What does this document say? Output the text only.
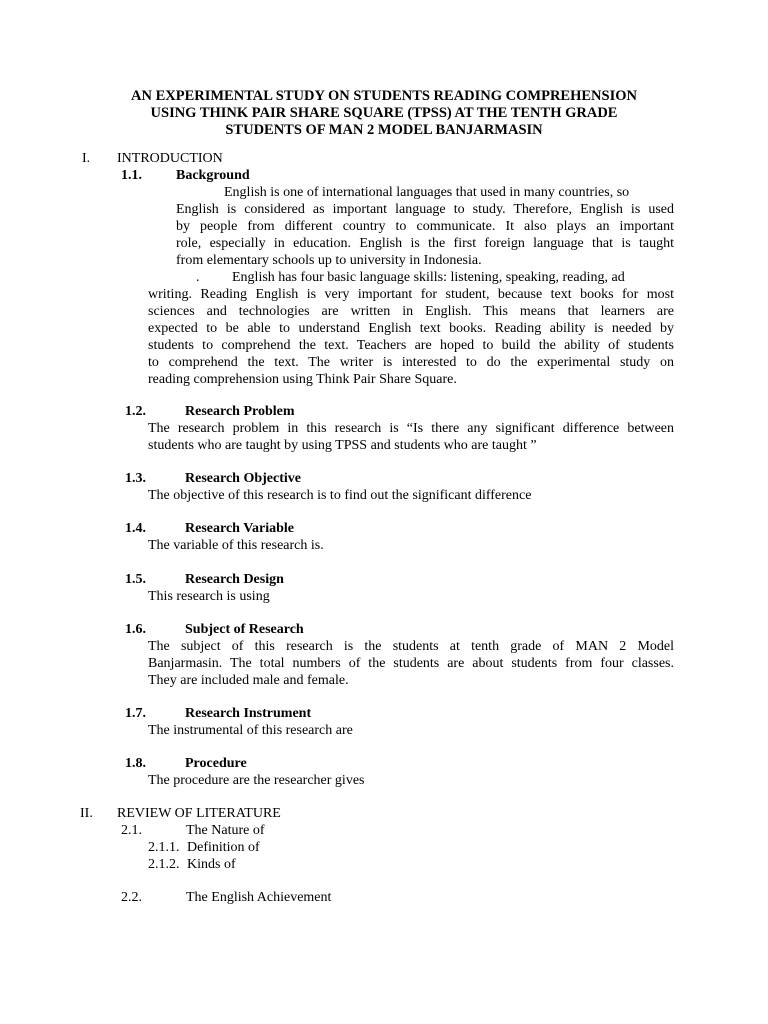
AN EXPERIMENTAL STUDY ON STUDENTS READING COMPREHENSION
USING THINK PAIR SHARE SQUARE (TPSS) AT THE TENTH GRADE
STUDENTS OF MAN 2 MODEL BANJARMASIN
I. INTRODUCTION
1.1. Background
English is one of international languages that used in many countries, so
English is considered as important language to study. Therefore, English is used
by people from different country to communicate. It also plays an important
role, especially in education. English is the first foreign language that is taught
from elementary schools up to university in Indonesia.
. English has four basic language skills: listening, speaking, reading, ad
writing. Reading English is very important for student, because text books for most
sciences and technologies are written in English. This means that learners are
expected to be able to understand English text books. Reading ability is needed by
students to comprehend the text. Teachers are hoped to build the ability of students
to comprehend the text. The writer is interested to do the experimental study on
reading comprehension using Think Pair Share Square.
1.2.	Research Problem
The research problem in this research is “Is there any significant difference between
students who are taught by using TPSS and students who are taught ”
1.3.	Research Objective
The objective of this research is to find out the significant difference
1.4.	Research Variable
The variable of this research is.
1.5.	Research Design
This research is using
1.6.	Subject of Research
The subject of this research is the students at tenth grade of MAN 2 Model
Banjarmasin. The total numbers of the students are about students from four classes.
They are included male and female.
1.7.	Research Instrument
The instrumental of this research are
1.8.	Procedure
The procedure are the researcher gives
II. REVIEW OF LITERATURE
2.1.	The Nature of
2.1.1. Definition of
2.1.2. Kinds of
2.2.	The English Achievement
